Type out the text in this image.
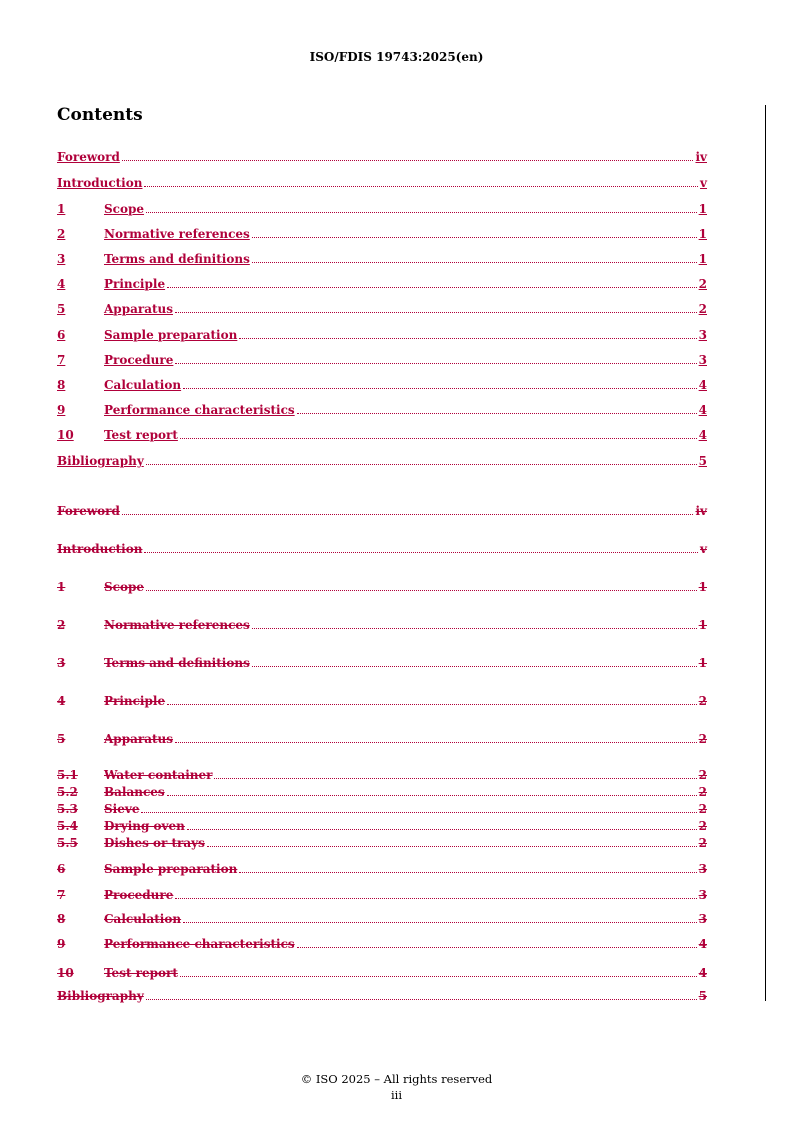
ISO/FDIS 19743:2025(en)
Contents
Foreword	iv
Introduction	v
1	Scope	1
2	Normative references	1
3	Terms and definitions	1
4	Principle	2
5	Apparatus	2
6	Sample preparation	3
7	Procedure	3
8	Calculation	4
9	Performance characteristics	4
10	Test report	4
Bibliography	5
Foreword	iv
Introduction	v
1	Scope	1
2	Normative references	1
3	Terms and definitions	1
4	Principle	2
5	Apparatus	2
5.1	Water container	2
5.2	Balances	2
5.3	Sieve	2
5.4	Drying oven	2
5.5	Dishes or trays	2
6	Sample preparation	3
7	Procedure	3
8	Calculation	3
9	Performance characteristics	4
10	Test report	4
Bibliography	5
© ISO 2025 – All rights reserved
iii
